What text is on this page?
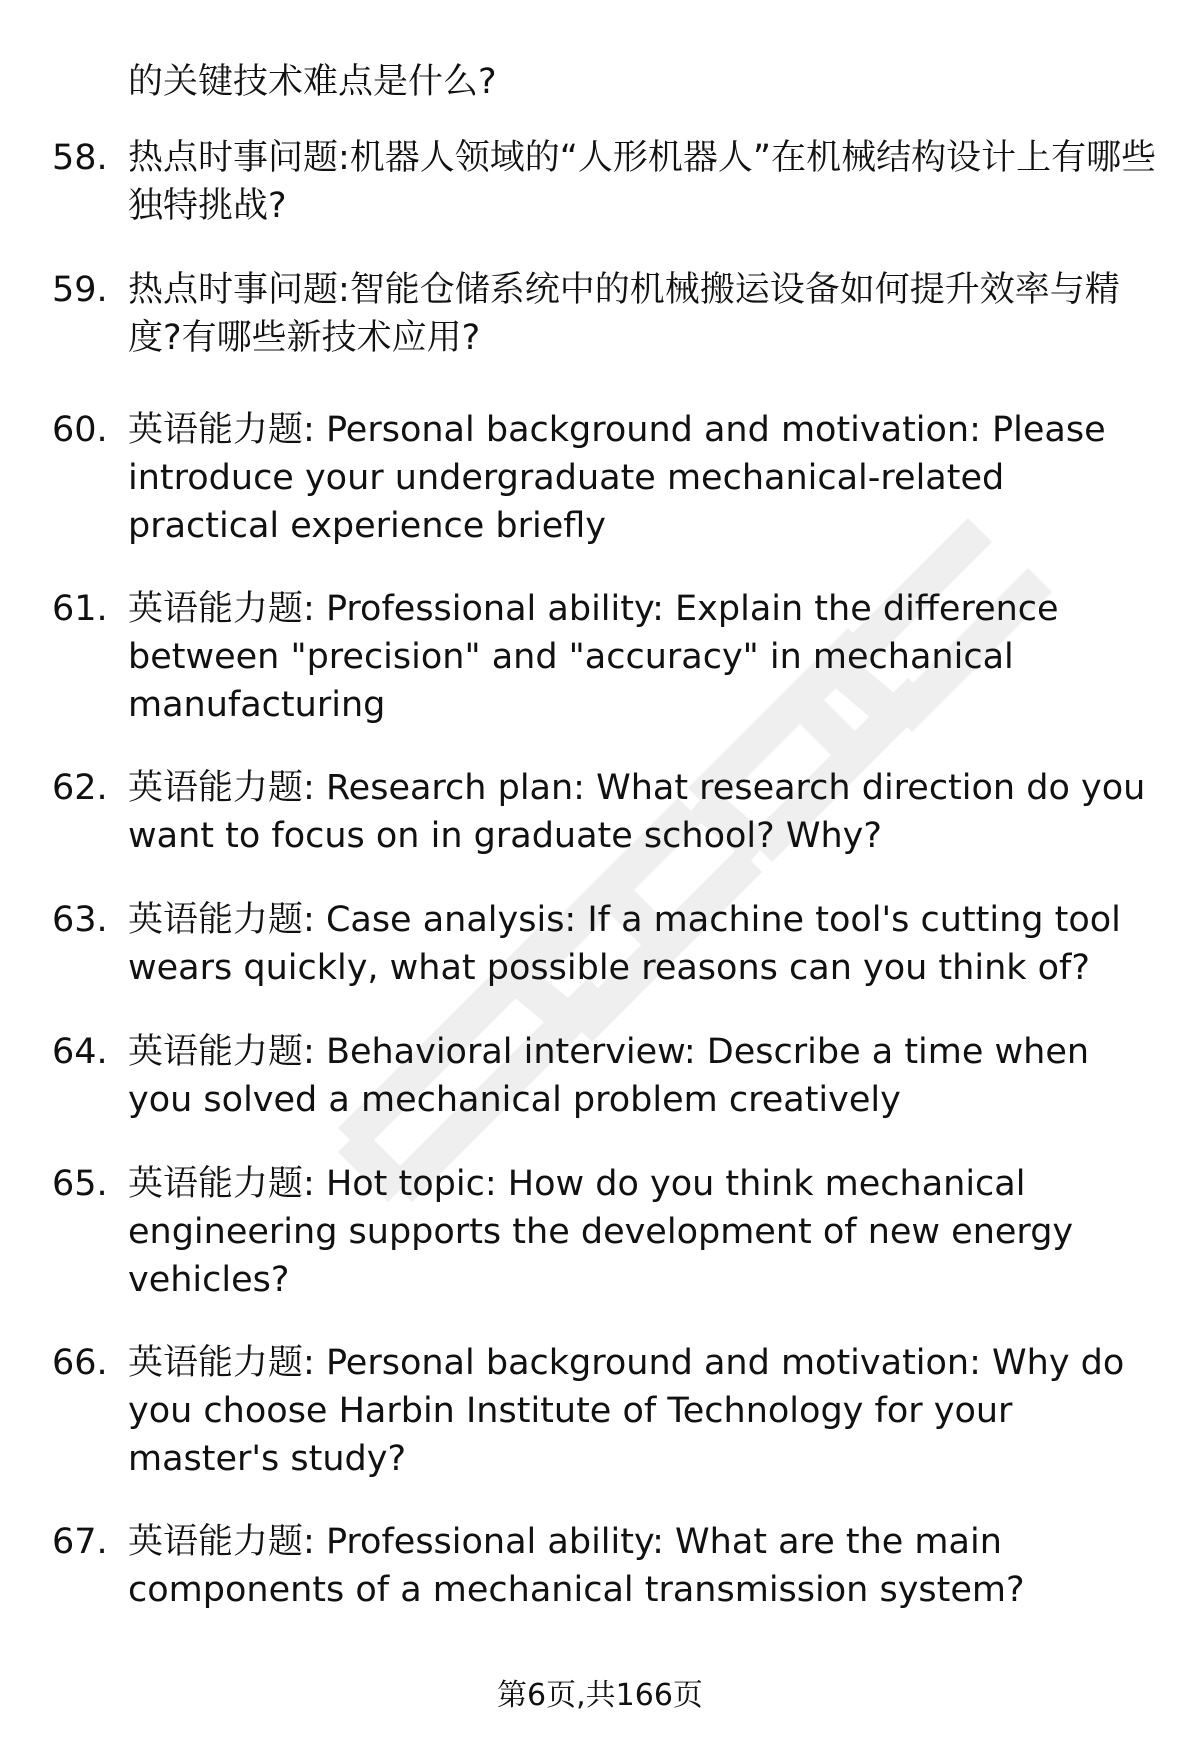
的关键技术难点是什么?

58. 热点时事问题:机器人领域的“人形机器人”在机械结构设计上有哪些独特挑战?

59. 热点时事问题:智能仓储系统中的机械搬运设备如何提升效率与精度?有哪些新技术应用?

60. 英语能力题: Personal background and motivation: Please introduce your undergraduate mechanical-related practical experience briefly

61. 英语能力题: Professional ability: Explain the difference between "precision" and "accuracy" in mechanical manufacturing

62. 英语能力题: Research plan: What research direction do you want to focus on in graduate school? Why?

63. 英语能力题: Case analysis: If a machine tool's cutting tool wears quickly, what possible reasons can you think of?

64. 英语能力题: Behavioral interview: Describe a time when you solved a mechanical problem creatively

65. 英语能力题: Hot topic: How do you think mechanical engineering supports the development of new energy vehicles?

66. 英语能力题: Personal background and motivation: Why do you choose Harbin Institute of Technology for your master's study?

67. 英语能力题: Professional ability: What are the main components of a mechanical transmission system?

第6页,共166页
